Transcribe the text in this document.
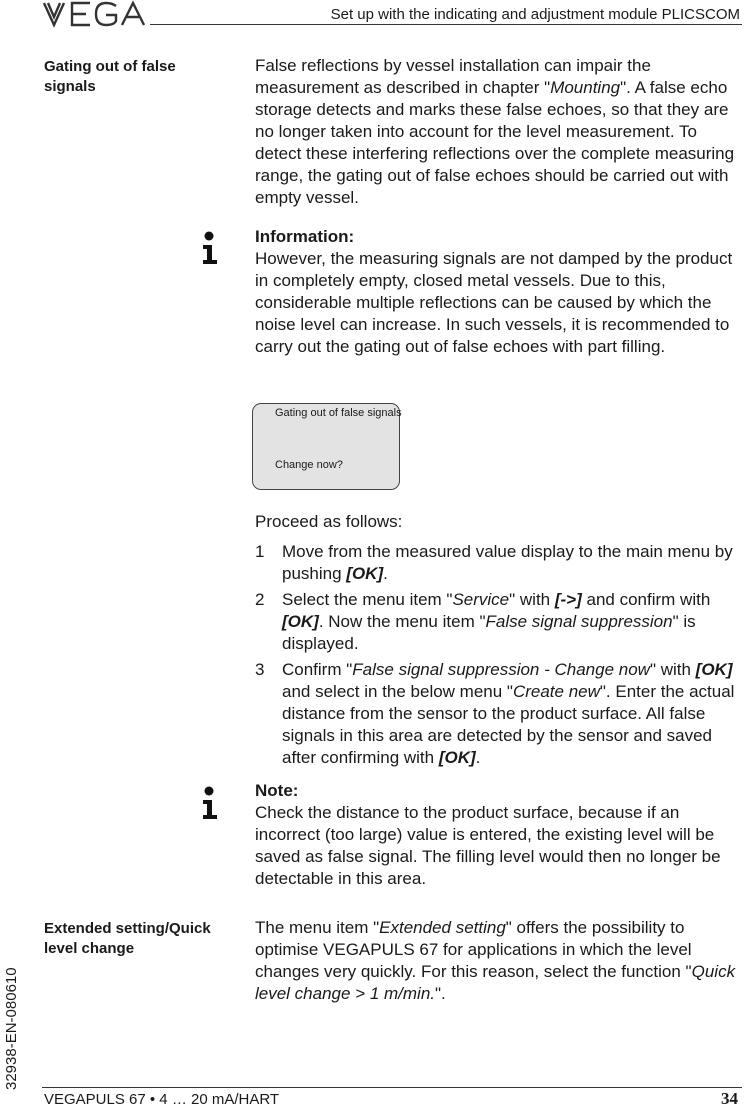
Set up with the indicating and adjustment module PLICSCOM
Gating out of false signals

False reflections by vessel installation can impair the measurement as described in chapter "Mounting". A false echo storage detects and marks these false echoes, so that they are no longer taken into account for the level measurement. To detect these interfering reflections over the complete measuring range, the gating out of false echoes should be carried out with empty vessel.

Information:

However, the measuring signals are not damped by the product in completely empty, closed metal vessels. Due to this, considerable multiple reflections can be caused by which the noise level can increase. In such vessels, it is recommended to carry out the gating out of false echoes with part filling.

Gating out of false signals
Change now?
Proceed as follows:
1 Move from the measured value display to the main menu by pushing [OK].
2 Select the menu item "Service" with [->] and confirm with [OK]. Now the menu item "False signal suppression" is displayed.
3 Confirm "False signal suppression - Change now" with [OK] and select in the below menu "Create new". Enter the actual distance from the sensor to the product surface. All false signals in this area are detected by the sensor and saved after confirming with [OK].

Note:

Check the distance to the product surface, because if an incorrect (too large) value is entered, the existing level will be saved as false signal. The filling level would then no longer be detectable in this area.

Extended setting/Quick level change

The menu item "Extended setting" offers the possibility to optimise VEGAPULS 67 for applications in which the level changes very quickly. For this reason, select the function "Quick level change > 1 m/min.".

32938-EN-080610
VEGAPULS 67 • 4 … 20 mA/HART	34
